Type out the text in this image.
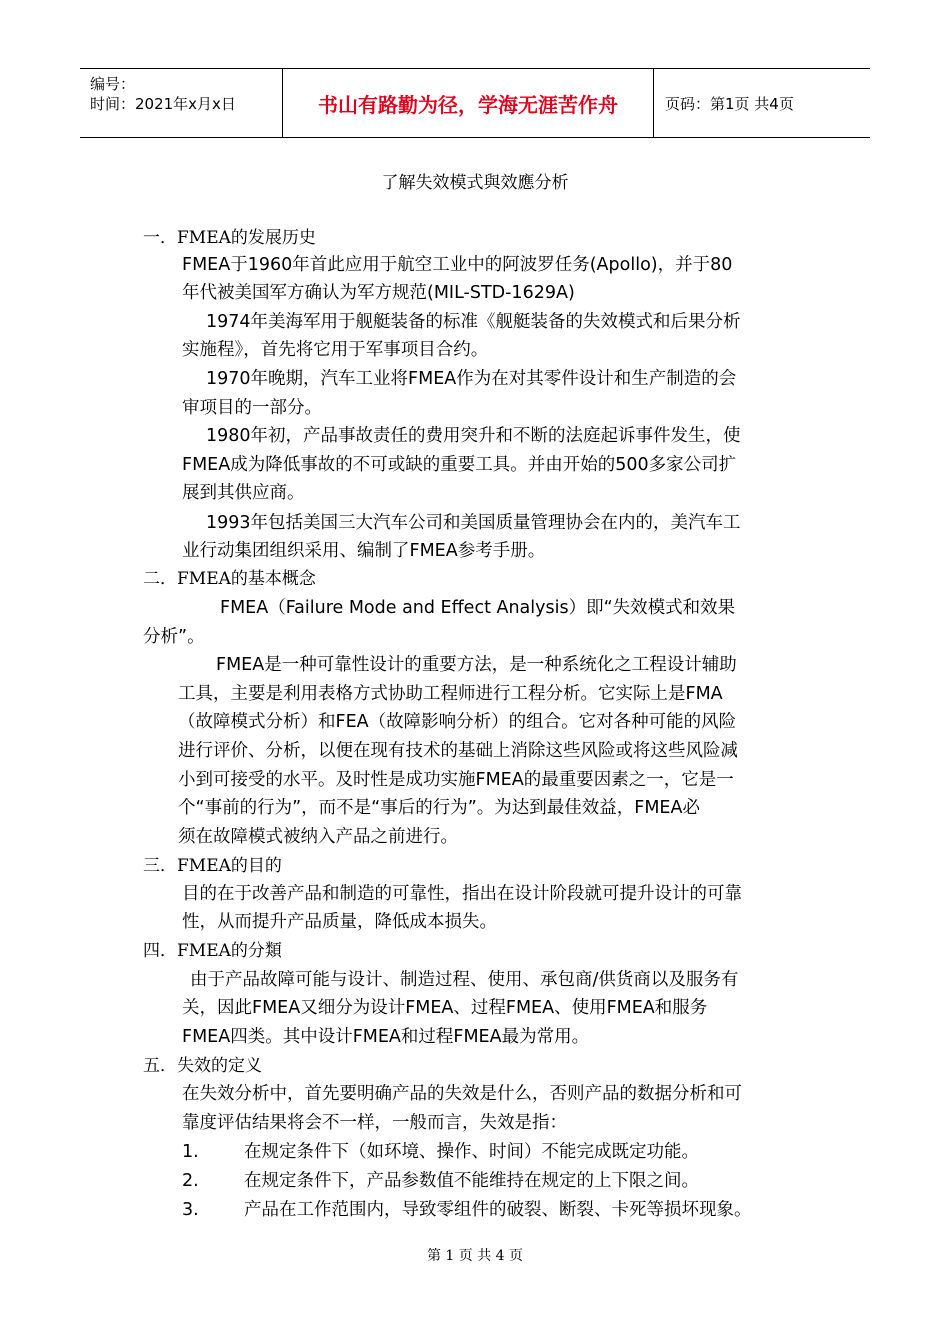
编号：
时间：2021年x月x日	书山有路勤为径，学海无涯苦作舟	页码：第1页 共4页
了解失效模式與效應分析
一．FMEA的发展历史
FMEA于1960年首此应用于航空工业中的阿波罗任务(Apollo)，并于80
年代被美国军方确认为军方规范(MIL-STD-1629A)
1974年美海军用于舰艇装备的标准《舰艇装备的失效模式和后果分析
实施程》，首先将它用于军事项目合约。
1970年晚期，汽车工业将FMEA作为在对其零件设计和生产制造的会
审项目的一部分。
1980年初，产品事故责任的费用突升和不断的法庭起诉事件发生，使
FMEA成为降低事故的不可或缺的重要工具。并由开始的500多家公司扩
展到其供应商。
1993年包括美国三大汽车公司和美国质量管理协会在内的，美汽车工
业行动集团组织采用、编制了FMEA参考手册。
二．FMEA的基本概念
FMEA（Failure Mode and Effect Analysis）即“失效模式和效果
分析”。
FMEA是一种可靠性设计的重要方法，是一种系统化之工程设计辅助
工具，主要是利用表格方式协助工程师进行工程分析。它实际上是FMA
（故障模式分析）和FEA（故障影响分析）的组合。它对各种可能的风险
进行评价、分析，以便在现有技术的基础上消除这些风险或将这些风险减
小到可接受的水平。及时性是成功实施FMEA的最重要因素之一，它是一
个“事前的行为”，而不是“事后的行为”。为达到最佳效益，FMEA必
须在故障模式被纳入产品之前进行。
三．FMEA的目的
目的在于改善产品和制造的可靠性，指出在设计阶段就可提升设计的可靠
性，从而提升产品质量，降低成本损失。
四．FMEA的分類
由于产品故障可能与设计、制造过程、使用、承包商/供货商以及服务有
关，因此FMEA又细分为设计FMEA、过程FMEA、使用FMEA和服务
FMEA四类。其中设计FMEA和过程FMEA最为常用。
五．失效的定义
在失效分析中，首先要明确产品的失效是什么，否则产品的数据分析和可
靠度评估结果将会不一样，一般而言，失效是指：
1.	在规定条件下（如环境、操作、时间）不能完成既定功能。
2.	在规定条件下，产品参数值不能维持在规定的上下限之间。
3.	产品在工作范围内，导致零组件的破裂、断裂、卡死等损坏现象。
第 1 页 共 4 页
